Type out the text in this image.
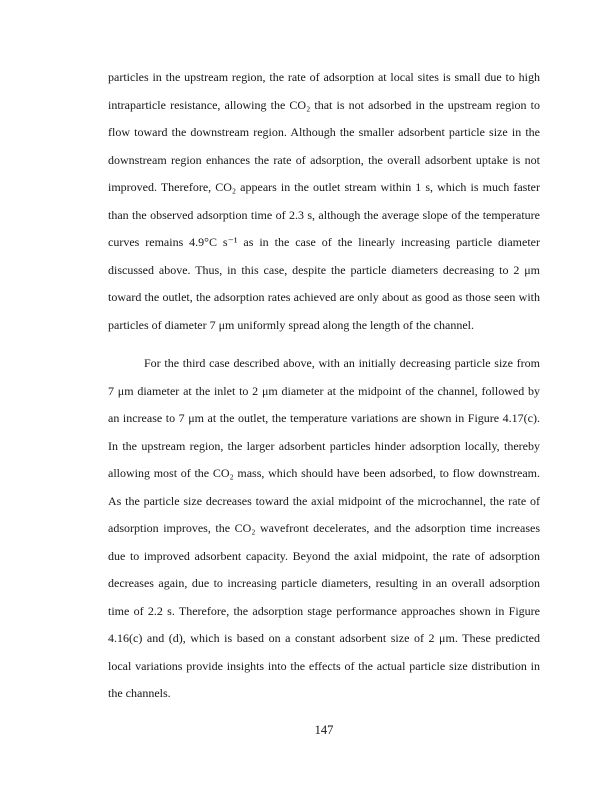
particles in the upstream region, the rate of adsorption at local sites is small due to high
intraparticle resistance, allowing the CO₂ that is not adsorbed in the upstream region to
flow toward the downstream region. Although the smaller adsorbent particle size in the
downstream region enhances the rate of adsorption, the overall adsorbent uptake is not
improved. Therefore, CO₂ appears in the outlet stream within 1 s, which is much faster
than the observed adsorption time of 2.3 s, although the average slope of the temperature
curves remains 4.9°C s⁻¹ as in the case of the linearly increasing particle diameter
discussed above. Thus, in this case, despite the particle diameters decreasing to 2 μm
toward the outlet, the adsorption rates achieved are only about as good as those seen with
particles of diameter 7 μm uniformly spread along the length of the channel.
For the third case described above, with an initially decreasing particle size from
7 μm diameter at the inlet to 2 μm diameter at the midpoint of the channel, followed by
an increase to 7 μm at the outlet, the temperature variations are shown in Figure 4.17(c).
In the upstream region, the larger adsorbent particles hinder adsorption locally, thereby
allowing most of the CO₂ mass, which should have been adsorbed, to flow downstream.
As the particle size decreases toward the axial midpoint of the microchannel, the rate of
adsorption improves, the CO₂ wavefront decelerates, and the adsorption time increases
due to improved adsorbent capacity. Beyond the axial midpoint, the rate of adsorption
decreases again, due to increasing particle diameters, resulting in an overall adsorption
time of 2.2 s. Therefore, the adsorption stage performance approaches shown in Figure
4.16(c) and (d), which is based on a constant adsorbent size of 2 μm. These predicted
local variations provide insights into the effects of the actual particle size distribution in
the channels.
147
